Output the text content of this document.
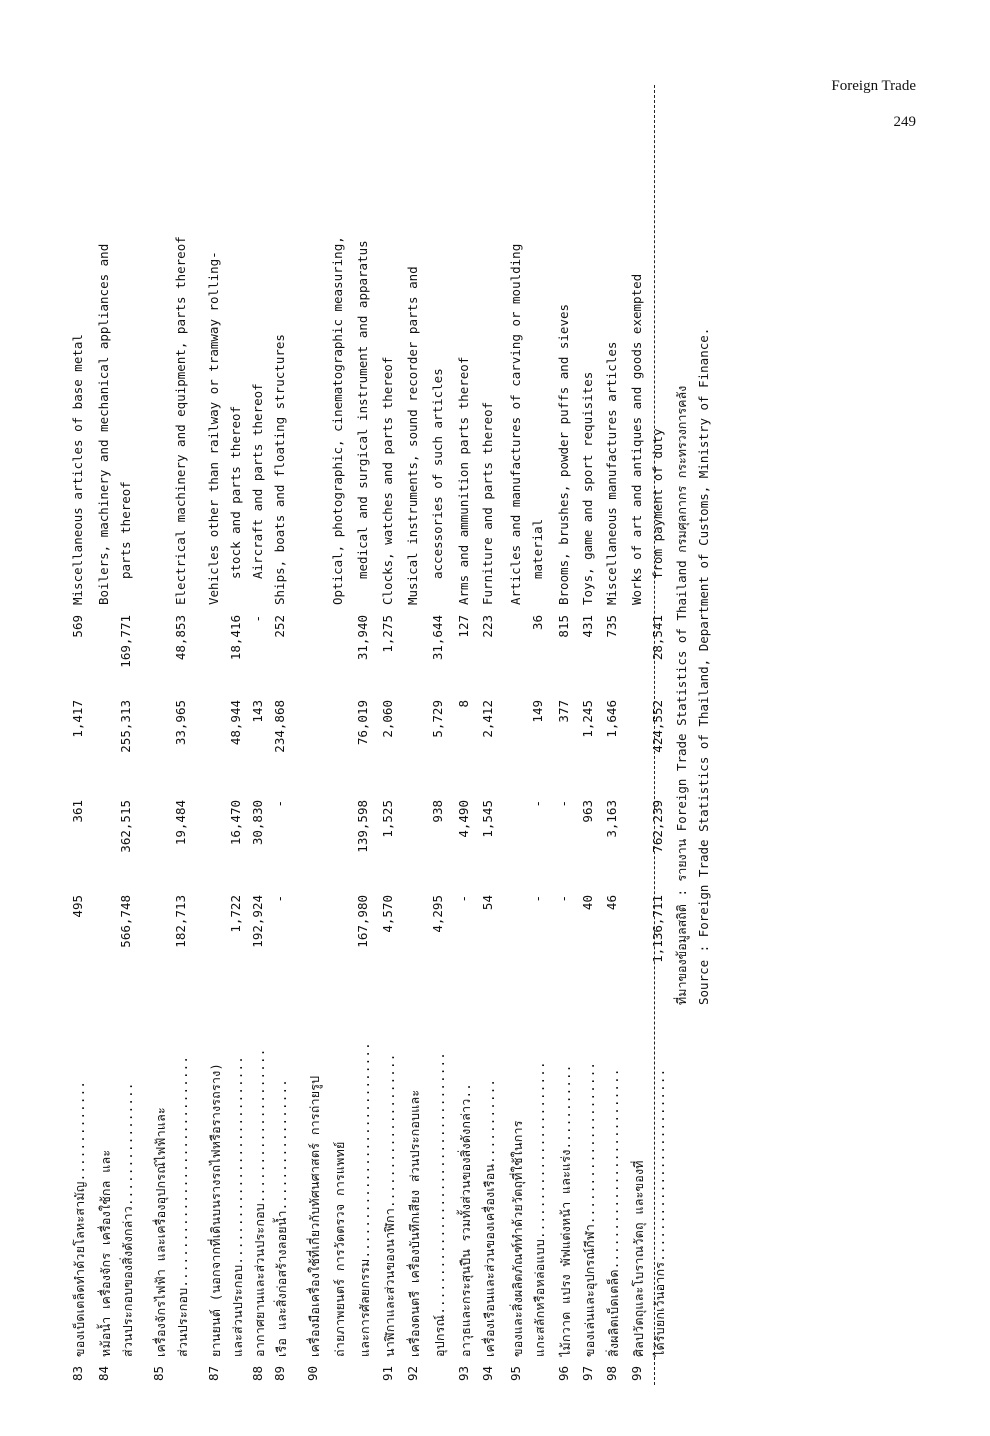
Foreign Trade
249
83
ของเบ็ดเตล็ดทำด้วยโลหะสามัญ.............
495
361
1,417
569
Miscellaneous articles of base metal
84
หม้อน้ำ เครื่องจักร เครื่องใช้กล และ
Boilers, machinery and mechanical appliances and
ส่วนประกอบของสิ่งดังกล่าว................
566,748
362,515
255,313
169,771
parts thereof
85
เครื่องจักรไฟฟ้า และเครื่องอุปกรณ์ไฟฟ้าและ ส่วนประกอบ..............................
182,713
19,484
33,965
48,853
Electrical machinery and equipment, parts thereof
87
ยานยนต์ (นอกจากที่เดินบนรางรถไฟหรือรางรถราง)
Vehicles other than railway or tramway rolling-
และส่วนประกอบ...........................
1,722
16,470
48,944
18,416
stock and parts thereof
88
อากาศยานและส่วนประกอบ....................
192,924
30,830
143
-
Aircraft and parts thereof
89
เรือ และสิ่งก่อสร้างลอยน้ำ.................
-
-
234,868
252
Ships, boats and floating structures
90
เครื่องมือเครื่องใช้ที่เกี่ยวกับทัศนศาสตร์ การถ่ายรูป ถ่ายภาพยนตร์ การวัดตรวจ การแพทย์
Optical, photographic, cinematographic measuring,
และการศัลยกรรม............................
167,980
139,598
76,019
31,940
medical and surgical instrument and apparatus
91
นาฬิกาและส่วนของนาฬิกา....................
4,570
1,525
2,060
1,275
Clocks, watches and parts thereof
92
เครื่องดนตรี เครื่องบันทึกเสียง ส่วนประกอบและ
Musical instruments, sound recorder parts and
อุปกรณ์..................................
4,295
938
5,729
31,644
accessories of such articles
93
อาวุธและกระสุนปืน รวมทั้งส่วนของสิ่งดังกล่าว..
-
4,490
8
127
Arms and ammunition parts thereof
94
เครื่องเรือนและส่วนของเครื่องเรือน...........
54
1,545
2,412
223
Furniture and parts thereof
95
ของและสิ่งผลิตภัณฑ์ทำด้วยวัตถุที่ใช้ในการ
Articles and manufactures of carving or moulding
แกะสลักหรือหล่อแบบ.......................
-
-
149
36
material
96
ไม้กวาด แปรง พัฟแต่งหน้า และแร่ง...........
-
-
377
815
Brooms, brushes, powder puffs and sieves
97
ของเล่นและอุปกรณ์กีฬา.....................
40
963
1,245
431
Toys, game and sport requisites
98
สิ่งผลิตเบ็ดเตล็ด..........................
46
3,163
1,646
735
Miscellaneous manufactures articles
99
ศิลปวัตถุและโบราณวัตถุ และของที่
Works of art and antiques and goods exempted
ได้รับยกเว้นอากร.........................
1,136,711
762,239
424,552
28,541
from payment of duty ที่มาของข้อมูลสถิติ : รายงาน Foreign Trade Statistics of Thailand กรมศุลกากร กระทรวงการคลัง Source : Foreign Trade Statistics of Thailand, Department of Customs, Ministry of Finance.
